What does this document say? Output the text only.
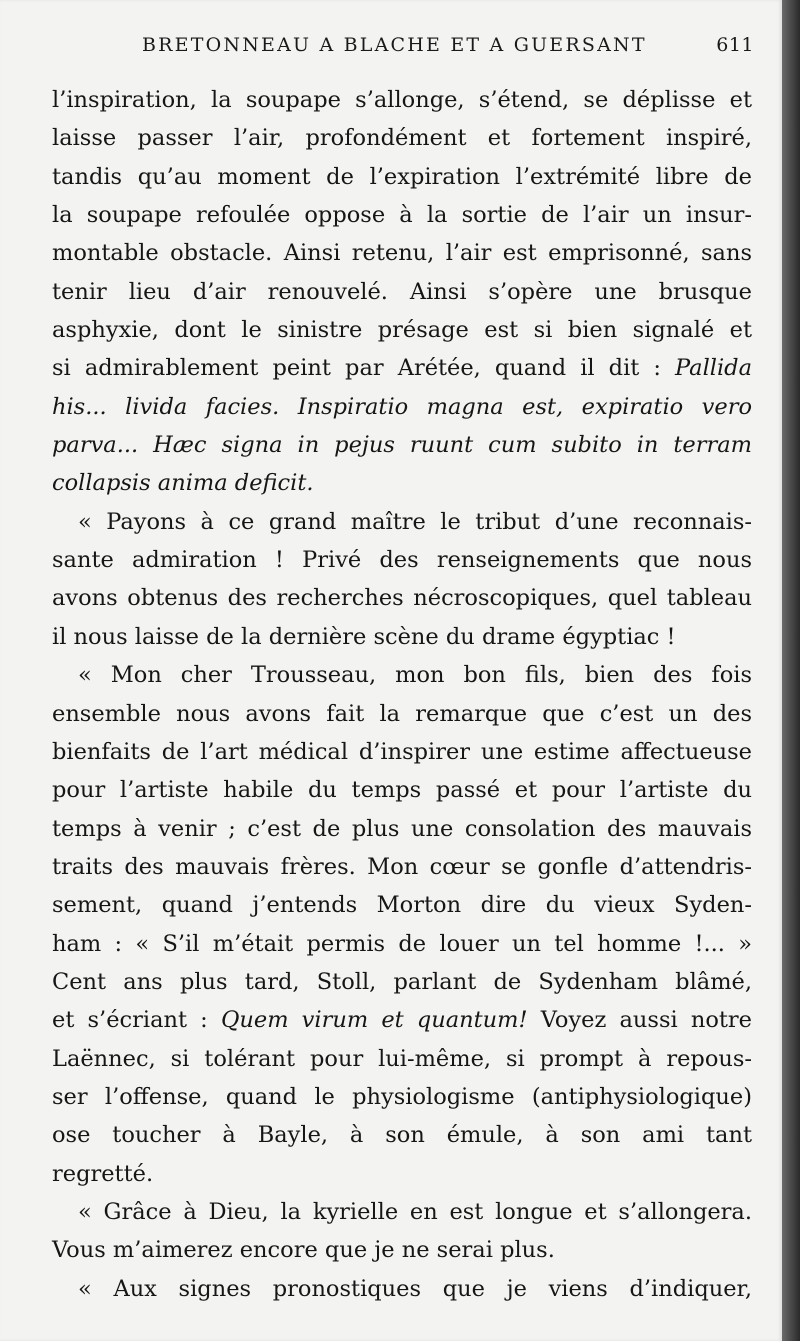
BRETONNEAU A BLACHE ET A GUERSANT	611
l’inspiration, la soupape s’allonge, s’étend, se déplisse et
laisse passer l’air, profondément et fortement inspiré,
tandis qu’au moment de l’expiration l’extrémité libre de
la soupape refoulée oppose à la sortie de l’air un insur-
montable obstacle. Ainsi retenu, l’air est emprisonné, sans
tenir lieu d’air renouvelé. Ainsi s’opère une brusque
asphyxie, dont le sinistre présage est si bien signalé et
si admirablement peint par Arétée, quand il dit : Pallida
his... livida facies. Inspiratio magna est, expiratio vero
parva... Hæc signa in pejus ruunt cum subito in terram
collapsis anima deficit.
« Payons à ce grand maître le tribut d’une reconnais-
sante admiration ! Privé des renseignements que nous
avons obtenus des recherches nécroscopiques, quel tableau
il nous laisse de la dernière scène du drame égyptiac !
« Mon cher Trousseau, mon bon fils, bien des fois
ensemble nous avons fait la remarque que c’est un des
bienfaits de l’art médical d’inspirer une estime affectueuse
pour l’artiste habile du temps passé et pour l’artiste du
temps à venir ; c’est de plus une consolation des mauvais
traits des mauvais frères. Mon cœur se gonfle d’attendris-
sement, quand j’entends Morton dire du vieux Syden-
ham : « S’il m’était permis de louer un tel homme !... »
Cent ans plus tard, Stoll, parlant de Sydenham blâmé,
et s’écriant : Quem virum et quantum! Voyez aussi notre
Laënnec, si tolérant pour lui-même, si prompt à repous-
ser l’offense, quand le physiologisme (antiphysiologique)
ose toucher à Bayle, à son émule, à son ami tant
regretté.
« Grâce à Dieu, la kyrielle en est longue et s’allongera.
Vous m’aimerez encore que je ne serai plus.
« Aux signes pronostiques que je viens d’indiquer,
